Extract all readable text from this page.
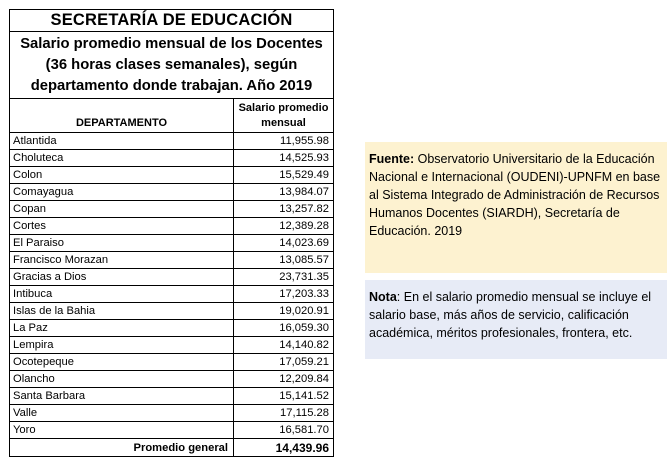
SECRETARÍA DE EDUCACIÓN	
Salario promedio mensual de los Docentes (36 horas clases semanales), según departamento donde trabajan. Año 2019	
DEPARTAMENTO	Salario promedio
mensual
Atlantida	11,955.98
Choluteca	14,525.93
Colon	15,529.49
Comayagua	13,984.07
Copan	13,257.82
Cortes	12,389.28
El Paraiso	14,023.69
Francisco Morazan	13,085.57
Gracias a Dios	23,731.35
Intibuca	17,203.33
Islas de la Bahia	19,020.91
La Paz	16,059.30
Lempira	14,140.82
Ocotepeque	17,059.21
Olancho	12,209.84
Santa Barbara	15,141.52
Valle	17,115.28
Yoro	16,581.70
Promedio general	14,439.96
Fuente: Observatorio Universitario de la Educación Nacional e Internacional (OUDENI)-UPNFM en base al Sistema Integrado de Administración de Recursos Humanos Docentes (SIARDH), Secretaría de Educación. 2019
Nota: En el salario promedio mensual se incluye el salario base, más años de servicio, calificación académica, méritos profesionales, frontera, etc.
